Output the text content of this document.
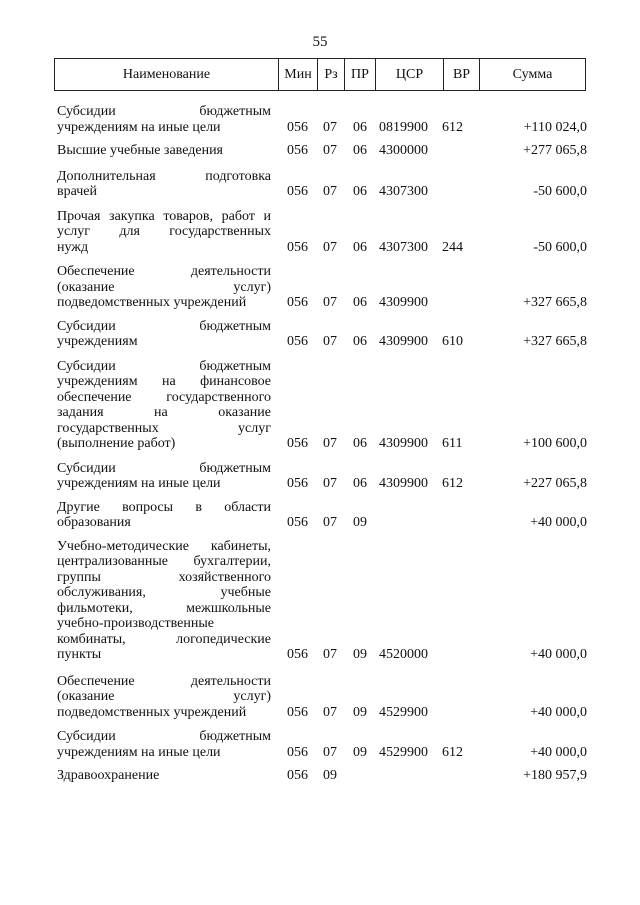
55
Наименование	Мин Рз ПР	ЦСР	ВР	Сумма
Субсидии бюджетным
учреждениям на иные цели	056	07	06 0819900	612	+110 024,0
Высшие учебные заведения	056	07	06 4300000	+277 065,8
Дополнительная подготовка
врачей	056	07	06 4307300	-50 600,0
Прочая закупка товаров, работ и
услуг для государственных
нужд	056	07	06 4307300	244	-50 600,0
Обеспечение деятельности
(оказание услуг)
подведомственных учреждений	056	07	06 4309900	+327 665,8
Субсидии бюджетным
учреждениям	056	07	06 4309900	610	+327 665,8
Субсидии бюджетным
учреждениям на финансовое
обеспечение государственного
задания на оказание
государственных услуг
(выполнение работ)	056	07	06 4309900	611	+100 600,0
Субсидии бюджетным
учреждениям на иные цели	056	07	06 4309900	612	+227 065,8
Другие вопросы в области
образования	056	07	09	+40 000,0
Учебно-методические кабинеты,
централизованные бухгалтерии,
группы хозяйственного
обслуживания, учебные
фильмотеки, межшкольные
учебно-производственные
комбинаты, логопедические
пункты	056	07	09 4520000	+40 000,0
Обеспечение деятельности
(оказание услуг)
подведомственных учреждений	056	07	09 4529900	+40 000,0
Субсидии бюджетным
учреждениям на иные цели	056	07	09 4529900	612	+40 000,0
Здравоохранение	056	09	+180 957,9
